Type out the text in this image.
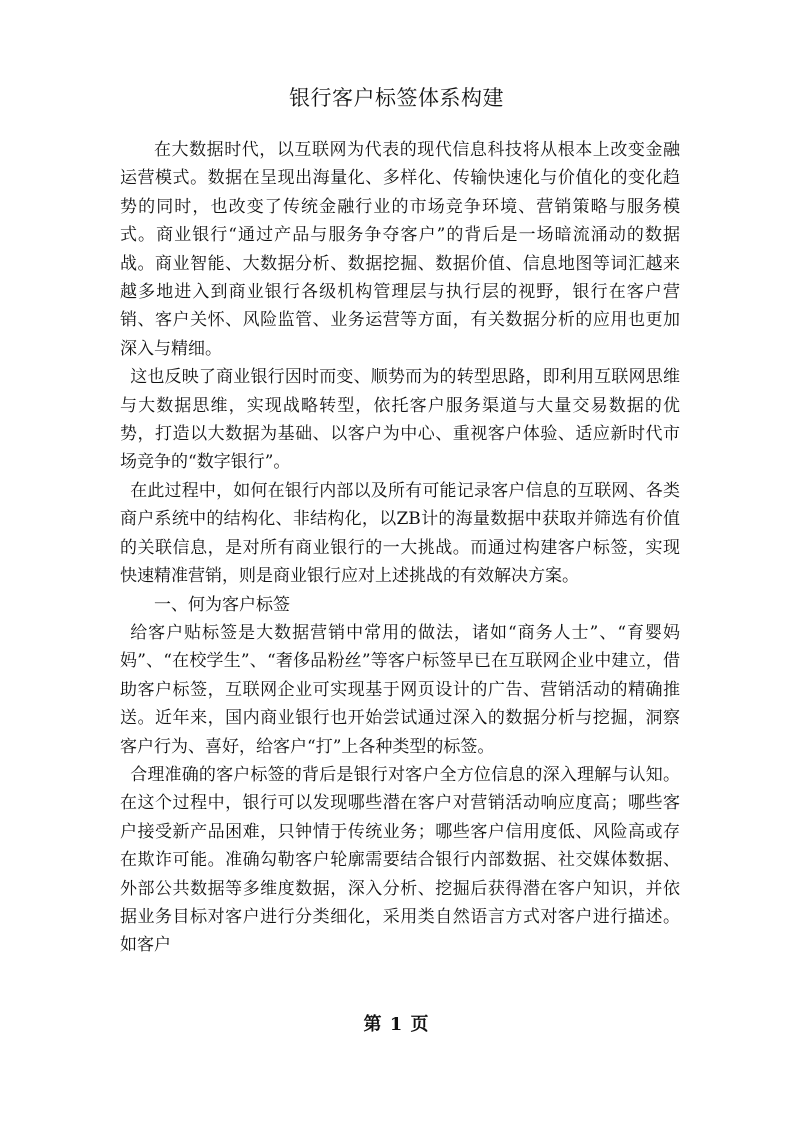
银行客户标签体系构建

在大数据时代，以互联网为代表的现代信息科技将从根本上改变金融运营模式。数据在呈现出海量化、多样化、传输快速化与价值化的变化趋势的同时，也改变了传统金融行业的市场竞争环境、营销策略与服务模式。商业银行“通过产品与服务争夺客户”的背后是一场暗流涌动的数据战。商业智能、大数据分析、数据挖掘、数据价值、信息地图等词汇越来越多地进入到商业银行各级机构管理层与执行层的视野，银行在客户营销、客户关怀、风险监管、业务运营等方面，有关数据分析的应用也更加深入与精细。

这也反映了商业银行因时而变、顺势而为的转型思路，即利用互联网思维与大数据思维，实现战略转型，依托客户服务渠道与大量交易数据的优势，打造以大数据为基础、以客户为中心、重视客户体验、适应新时代市场竞争的“数字银行”。

在此过程中，如何在银行内部以及所有可能记录客户信息的互联网、各类商户系统中的结构化、非结构化，以ZB计的海量数据中获取并筛选有价值的关联信息，是对所有商业银行的一大挑战。而通过构建客户标签，实现快速精准营销，则是商业银行应对上述挑战的有效解决方案。

一、何为客户标签

给客户贴标签是大数据营销中常用的做法，诸如“商务人士”、“育婴妈妈”、“在校学生”、“奢侈品粉丝”等客户标签早已在互联网企业中建立，借助客户标签，互联网企业可实现基于网页设计的广告、营销活动的精确推送。近年来，国内商业银行也开始尝试通过深入的数据分析与挖掘，洞察客户行为、喜好，给客户“打”上各种类型的标签。

合理准确的客户标签的背后是银行对客户全方位信息的深入理解与认知。在这个过程中，银行可以发现哪些潜在客户对营销活动响应度高；哪些客户接受新产品困难，只钟情于传统业务；哪些客户信用度低、风险高或存在欺诈可能。准确勾勒客户轮廓需要结合银行内部数据、社交媒体数据、外部公共数据等多维度数据，深入分析、挖掘后获得潜在客户知识，并依据业务目标对客户进行分类细化，采用类自然语言方式对客户进行描述。如客户

第 1 页
